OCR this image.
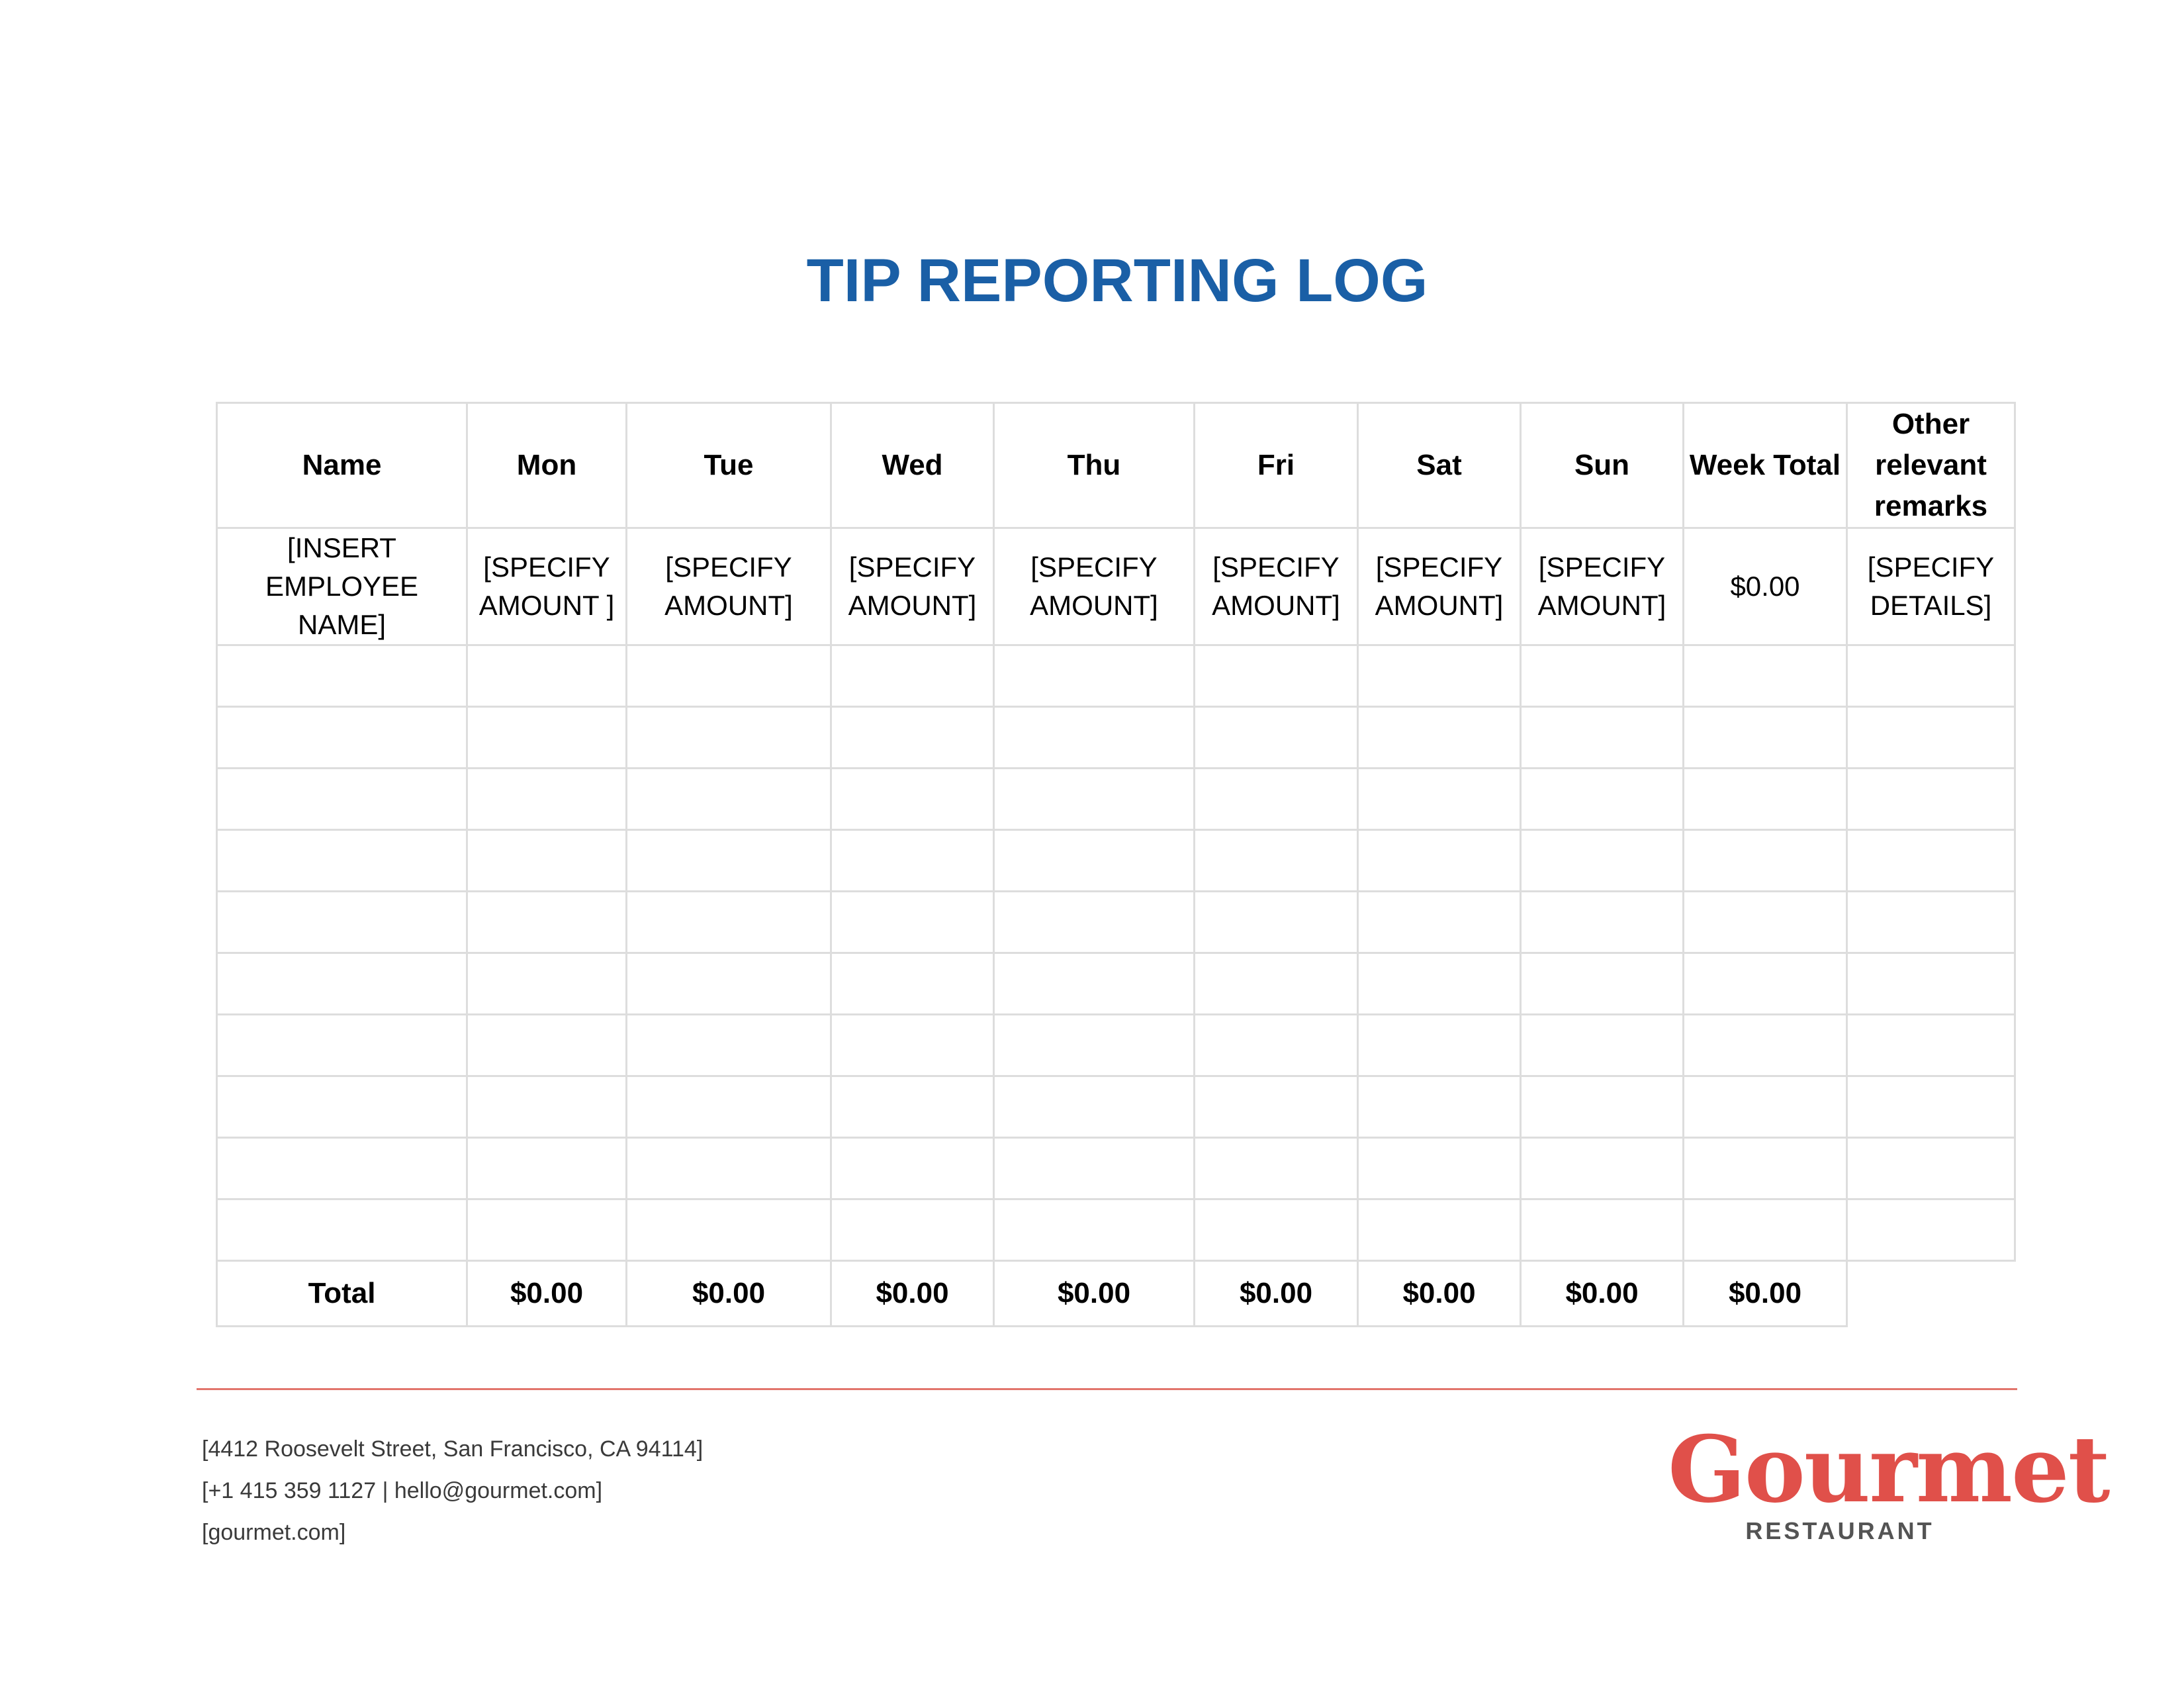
TIP REPORTING LOG
Name	Mon	Tue	Wed	Thu	Fri	Sat	Sun	Week Total	Other relevant remarks
[INSERT EMPLOYEE NAME]	[SPECIFY AMOUNT ]	[SPECIFY AMOUNT]	[SPECIFY AMOUNT]	[SPECIFY AMOUNT]	[SPECIFY AMOUNT]	[SPECIFY AMOUNT]	[SPECIFY AMOUNT]	$0.00	[SPECIFY DETAILS]

Total	$0.00	$0.00	$0.00	$0.00	$0.00	$0.00	$0.00	$0.00	
[4412 Roosevelt Street, San Francisco, CA 94114]
[+1 415 359 1127 | hello@gourmet.com]
[gourmet.com]
Gourmet
RESTAURANT
